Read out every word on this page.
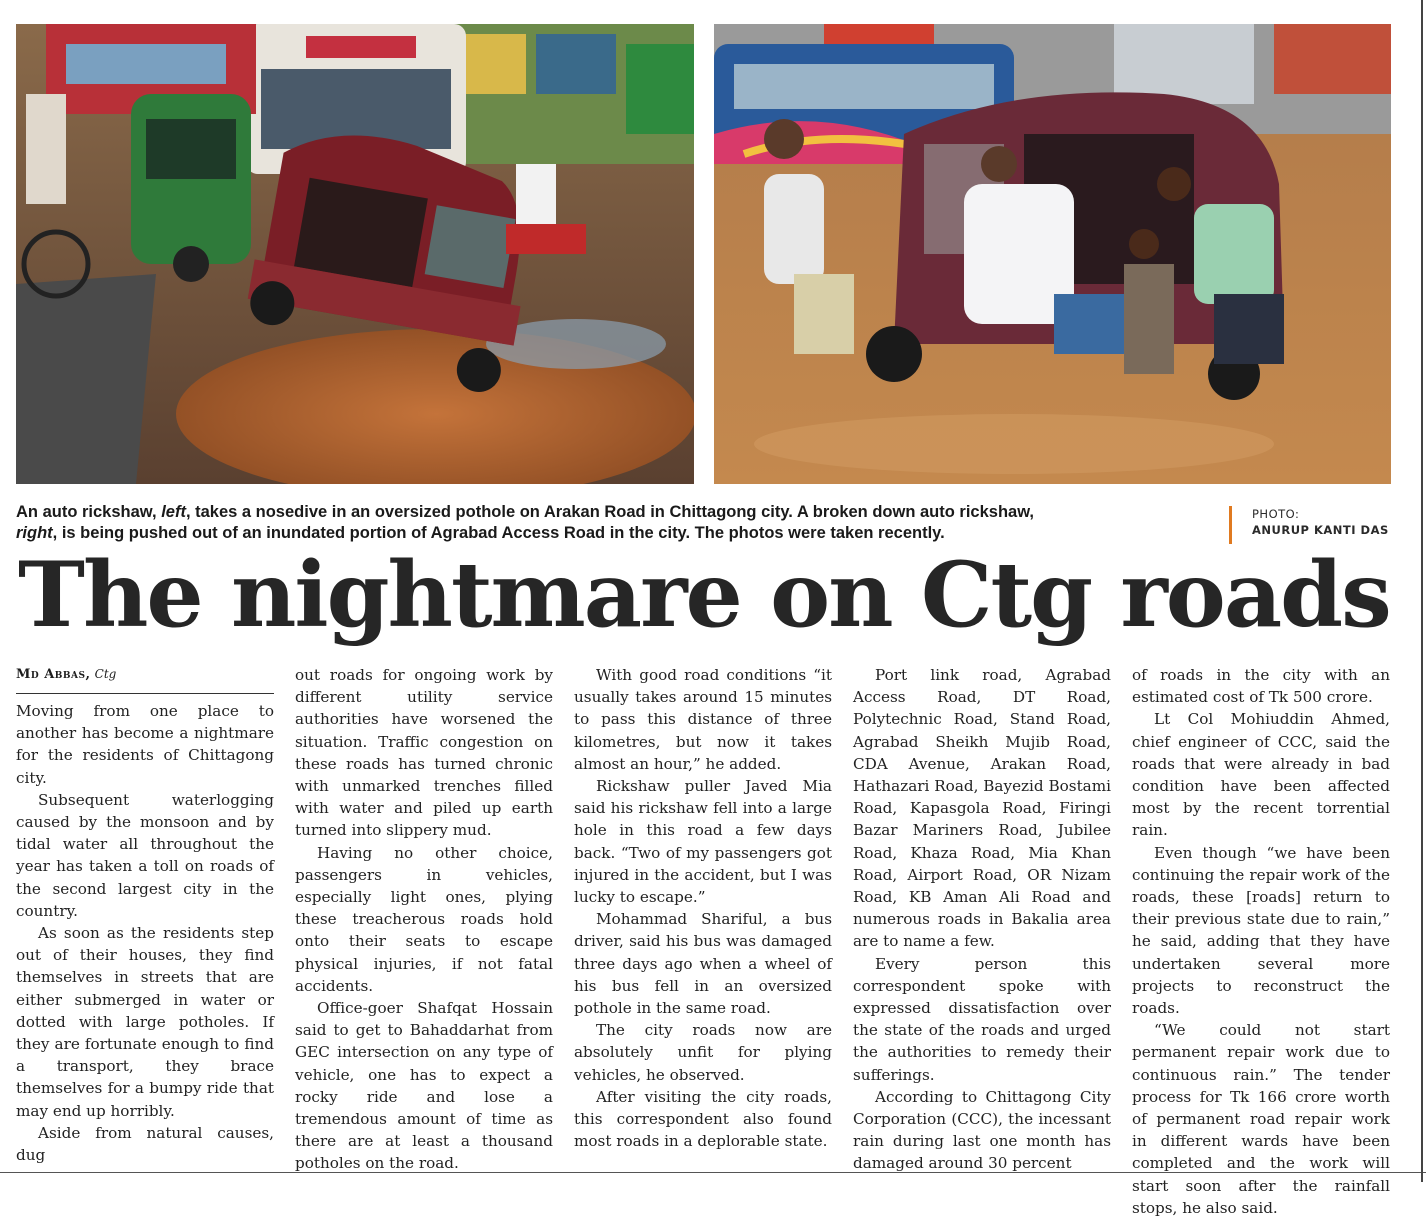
An auto rickshaw, left, takes a nosedive in an oversized pothole on Arakan Road in Chittagong city. A broken down auto rickshaw, right, is being pushed out of an inundated portion of Agrabad Access Road in the city. The photos were taken recently.
PHOTO:
ANURUP KANTI DAS
The nightmare on Ctg roads
Md Abbas, Ctg

Moving from one place to another has become a nightmare for the residents of Chittagong city.

Subsequent waterlogging caused by the monsoon and by tidal water all throughout the year has taken a toll on roads of the second largest city in the country.

As soon as the residents step out of their houses, they find themselves in streets that are either submerged in water or dotted with large potholes. If they are fortunate enough to find a transport, they brace themselves for a bumpy ride that may end up horribly.

Aside from natural causes, dug

out roads for ongoing work by different utility service authorities have worsened the situation. Traffic congestion on these roads has turned chronic with unmarked trenches filled with water and piled up earth turned into slippery mud.

Having no other choice, passengers in vehicles, especially light ones, plying these treacherous roads hold onto their seats to escape physical injuries, if not fatal accidents.

Office-goer Shafqat Hossain said to get to Bahaddarhat from GEC intersection on any type of vehicle, one has to expect a rocky ride and lose a tremendous amount of time as there are at least a thousand potholes on the road.

With good road conditions “it usually takes around 15 minutes to pass this distance of three kilometres, but now it takes almost an hour,” he added.

Rickshaw puller Javed Mia said his rickshaw fell into a large hole in this road a few days back. “Two of my passengers got injured in the accident, but I was lucky to escape.”

Mohammad Shariful, a bus driver, said his bus was damaged three days ago when a wheel of his bus fell in an oversized pothole in the same road.

The city roads now are absolutely unfit for plying vehicles, he observed.

After visiting the city roads, this correspondent also found most roads in a deplorable state.

Port link road, Agrabad Access Road, DT Road, Polytechnic Road, Stand Road, Agrabad Sheikh Mujib Road, CDA Avenue, Arakan Road, Hathazari Road, Bayezid Bostami Road, Kapasgola Road, Firingi Bazar Mariners Road, Jubilee Road, Khaza Road, Mia Khan Road, Airport Road, OR Nizam Road, KB Aman Ali Road and numerous roads in Bakalia area are to name a few.

Every person this correspondent spoke with expressed dissatisfaction over the state of the roads and urged the authorities to remedy their sufferings.

According to Chittagong City Corporation (CCC), the incessant rain during last one month has damaged around 30 percent

of roads in the city with an estimated cost of Tk 500 crore.

Lt Col Mohiuddin Ahmed, chief engineer of CCC, said the roads that were already in bad condition have been affected most by the recent torrential rain.

Even though “we have been continuing the repair work of the roads, these [roads] return to their previous state due to rain,” he said, adding that they have undertaken several more projects to reconstruct the roads.

“We could not start permanent repair work due to continuous rain.” The tender process for Tk 166 crore worth of permanent road repair work in different wards have been completed and the work will start soon after the rainfall stops, he also said.
